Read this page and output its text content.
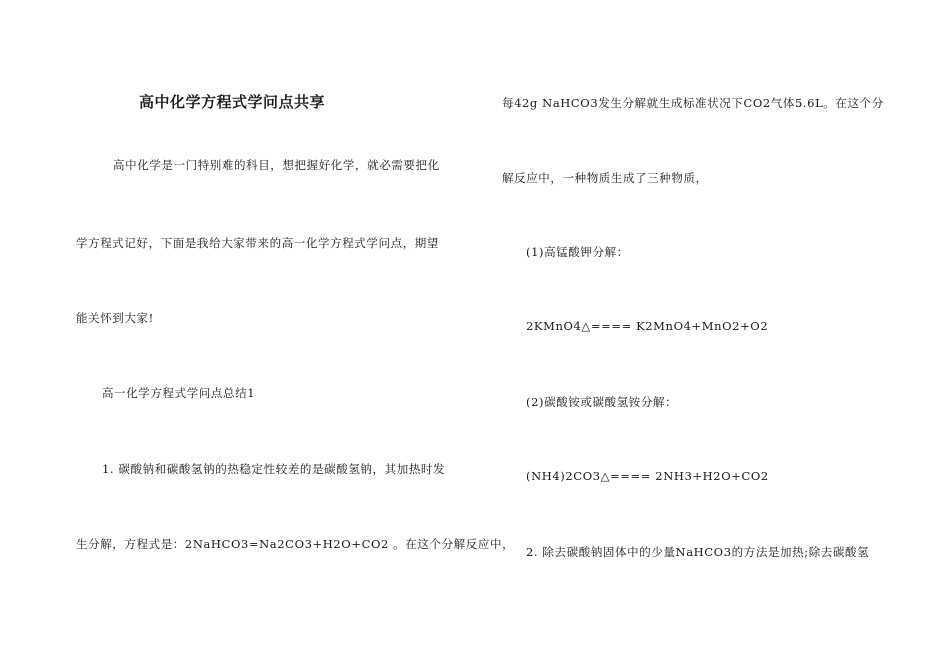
高中化学方程式学问点共享

高中化学是一门特别难的科目，想把握好化学，就必需要把化

学方程式记好，下面是我给大家带来的高一化学方程式学问点，期望

能关怀到大家!

高一化学方程式学问点总结1

1. 碳酸钠和碳酸氢钠的热稳定性较差的是碳酸氢钠，其加热时发

生分解，方程式是：2NaHCO3=Na2CO3+H2O+CO2 。在这个分解反应中，

每42g NaHCO3发生分解就生成标准状况下CO2气体5.6L。在这个分

解反应中，一种物质生成了三种物质，

(1)高锰酸钾分解：

2KMnO4△==== K2MnO4+MnO2+O2

(2)碳酸铵或碳酸氢铵分解：

(NH4)2CO3△==== 2NH3+H2O+CO2

2. 除去碳酸钠固体中的少量NaHCO3的方法是加热;除去碳酸氢
